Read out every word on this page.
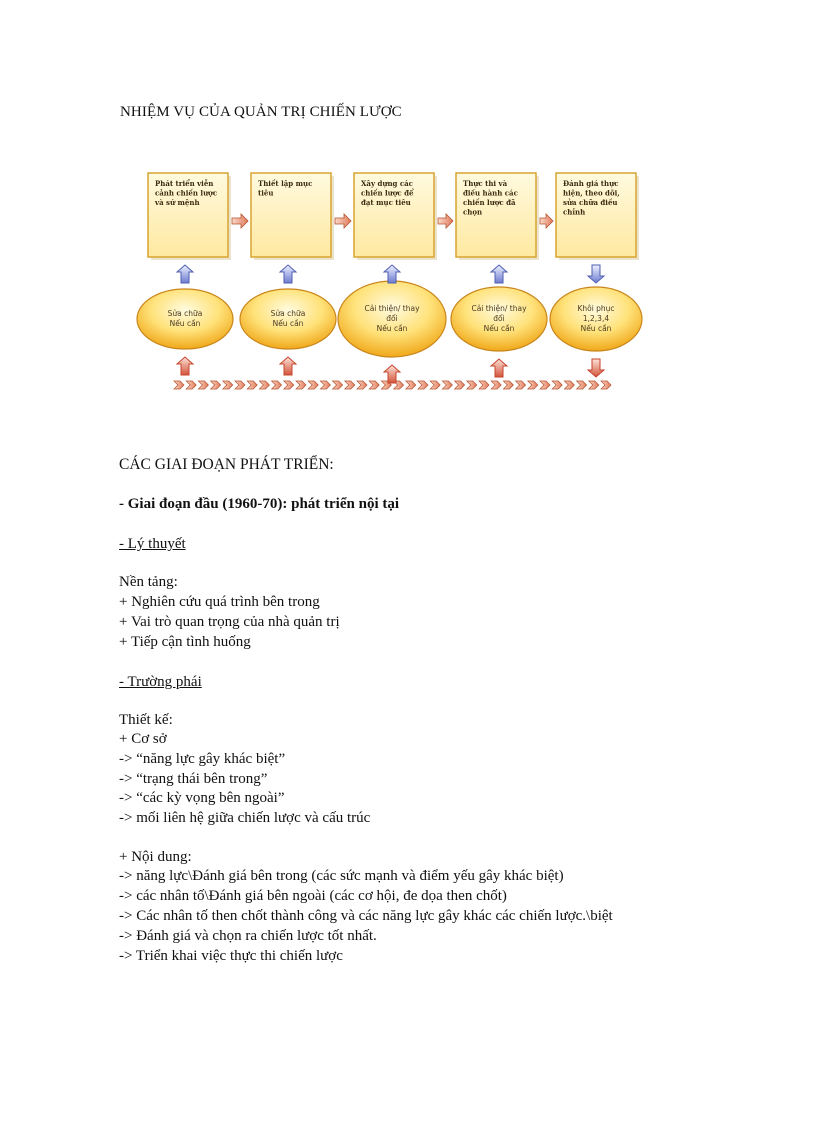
NHIỆM VỤ CỦA QUẢN TRỊ CHIẾN LƯỢC
Phát triển viễn
cảnh chiến lược
và sứ mệnh
Thiết lập mục
tiêu
Xây dựng các
chiến lược để
đạt mục tiêu
Thực thi và
điều hành các
chiến lược đã
chọn
Đánh giá thực
hiện, theo dõi,
sửa chữa điều
chỉnh
Sửa chữa
Nếu cần
Sửa chữa
Nếu cần
Cải thiện/ thay
đổi
Nếu cần
Cải thiện/ thay
đổi
Nếu cần
Khôi phục
1,2,3,4
Nếu cần
CÁC GIAI ĐOẠN PHÁT TRIỂN:
- Giai đoạn đầu (1960-70): phát triển nội tại
- Lý thuyết
Nền tảng:
+ Nghiên cứu quá trình bên trong
+ Vai trò quan trọng của nhà quản trị
+ Tiếp cận tình huống
- Trường phái
Thiết kế:
+ Cơ sở
-> “năng lực gây khác biệt”
-> “trạng thái bên trong”
-> “các kỳ vọng bên ngoài”
-> mối liên hệ giữa chiến lược và cấu trúc
+ Nội dung:
-> năng lực\Đánh giá bên trong (các sức mạnh và điểm yếu gây khác biệt)
-> các nhân tố\Đánh giá bên ngoài (các cơ hội, đe dọa then chốt)
-> Các nhân tố then chốt thành công và các năng lực gây khác các chiến lược.\biệt
-> Đánh giá và chọn ra chiến lược tốt nhất.
-> Triển khai việc thực thi chiến lược
